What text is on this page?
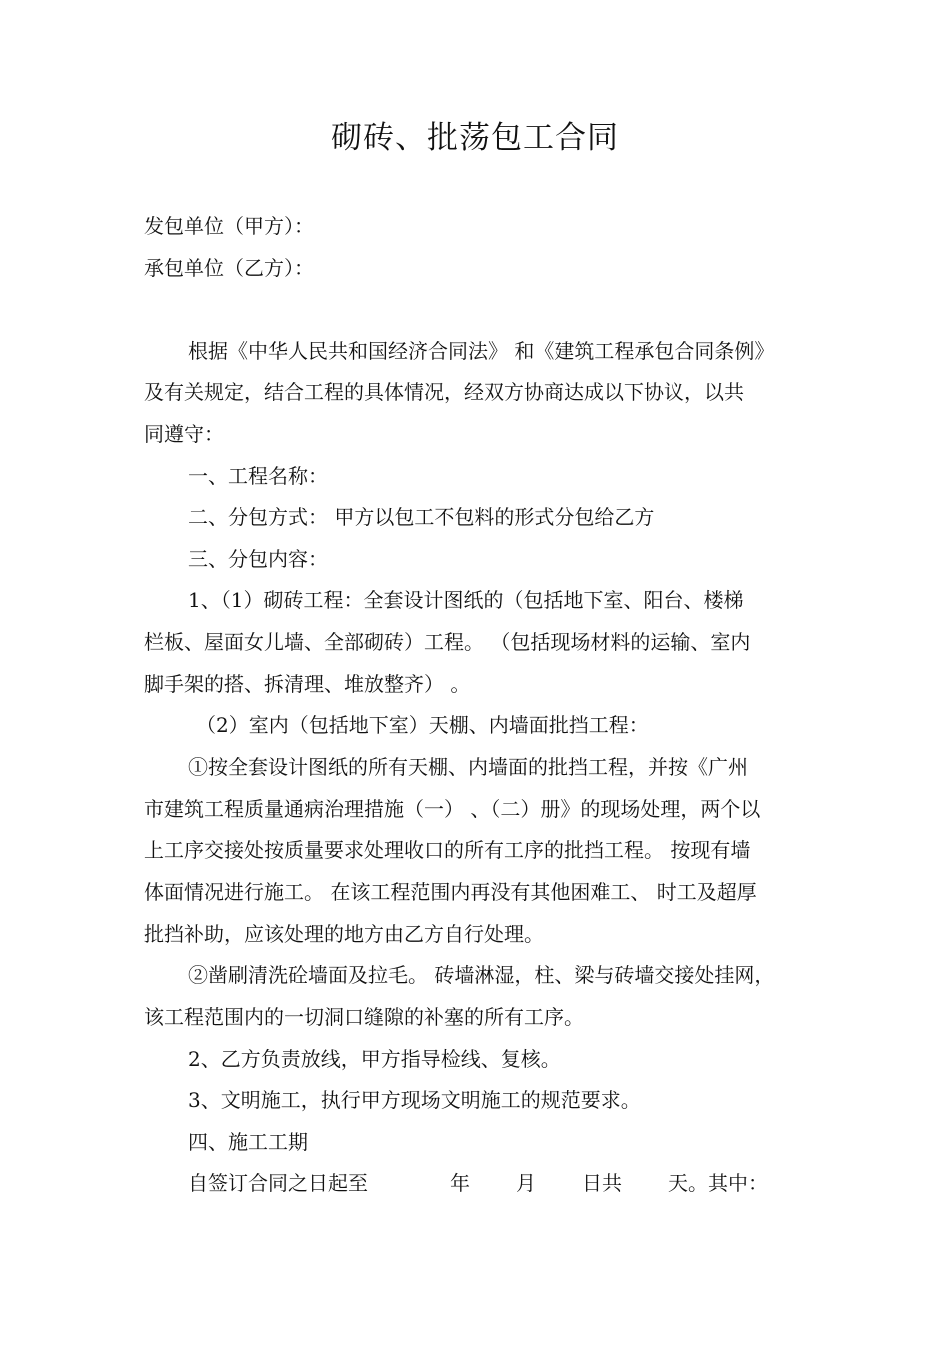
砌砖、批荡包工合同
发包单位（甲方）：
承包单位（乙方）：
根据《中华人民共和国经济合同法》 和《建筑工程承包合同条例》
及有关规定，结合工程的具体情况，经双方协商达成以下协议，以共
同遵守：
一、工程名称：
二、分包方式： 甲方以包工不包料的形式分包给乙方
三、分包内容：
1、（1）砌砖工程：全套设计图纸的（包括地下室、阳台、楼梯
栏板、屋面女儿墙、全部砌砖）工程。 （包括现场材料的运输、室内
脚手架的搭、拆清理、堆放整齐） 。
（2）室内（包括地下室）天棚、内墙面批挡工程：
①按全套设计图纸的所有天棚、内墙面的批挡工程，并按《广州
市建筑工程质量通病治理措施（一） 、（二）册》的现场处理，两个以
上工序交接处按质量要求处理收口的所有工序的批挡工程。 按现有墙
体面情况进行施工。 在该工程范围内再没有其他困难工、 时工及超厚
批挡补助，应该处理的地方由乙方自行处理。
②凿刷清洗砼墙面及拉毛。 砖墙淋湿，柱、梁与砖墙交接处挂网，
该工程范围内的一切洞口缝隙的补塞的所有工序。
2、乙方负责放线，甲方指导检线、复核。
3、文明施工，执行甲方现场文明施工的规范要求。
四、施工工期
自签订合同之日起至	年 月 日共 天。其中：
